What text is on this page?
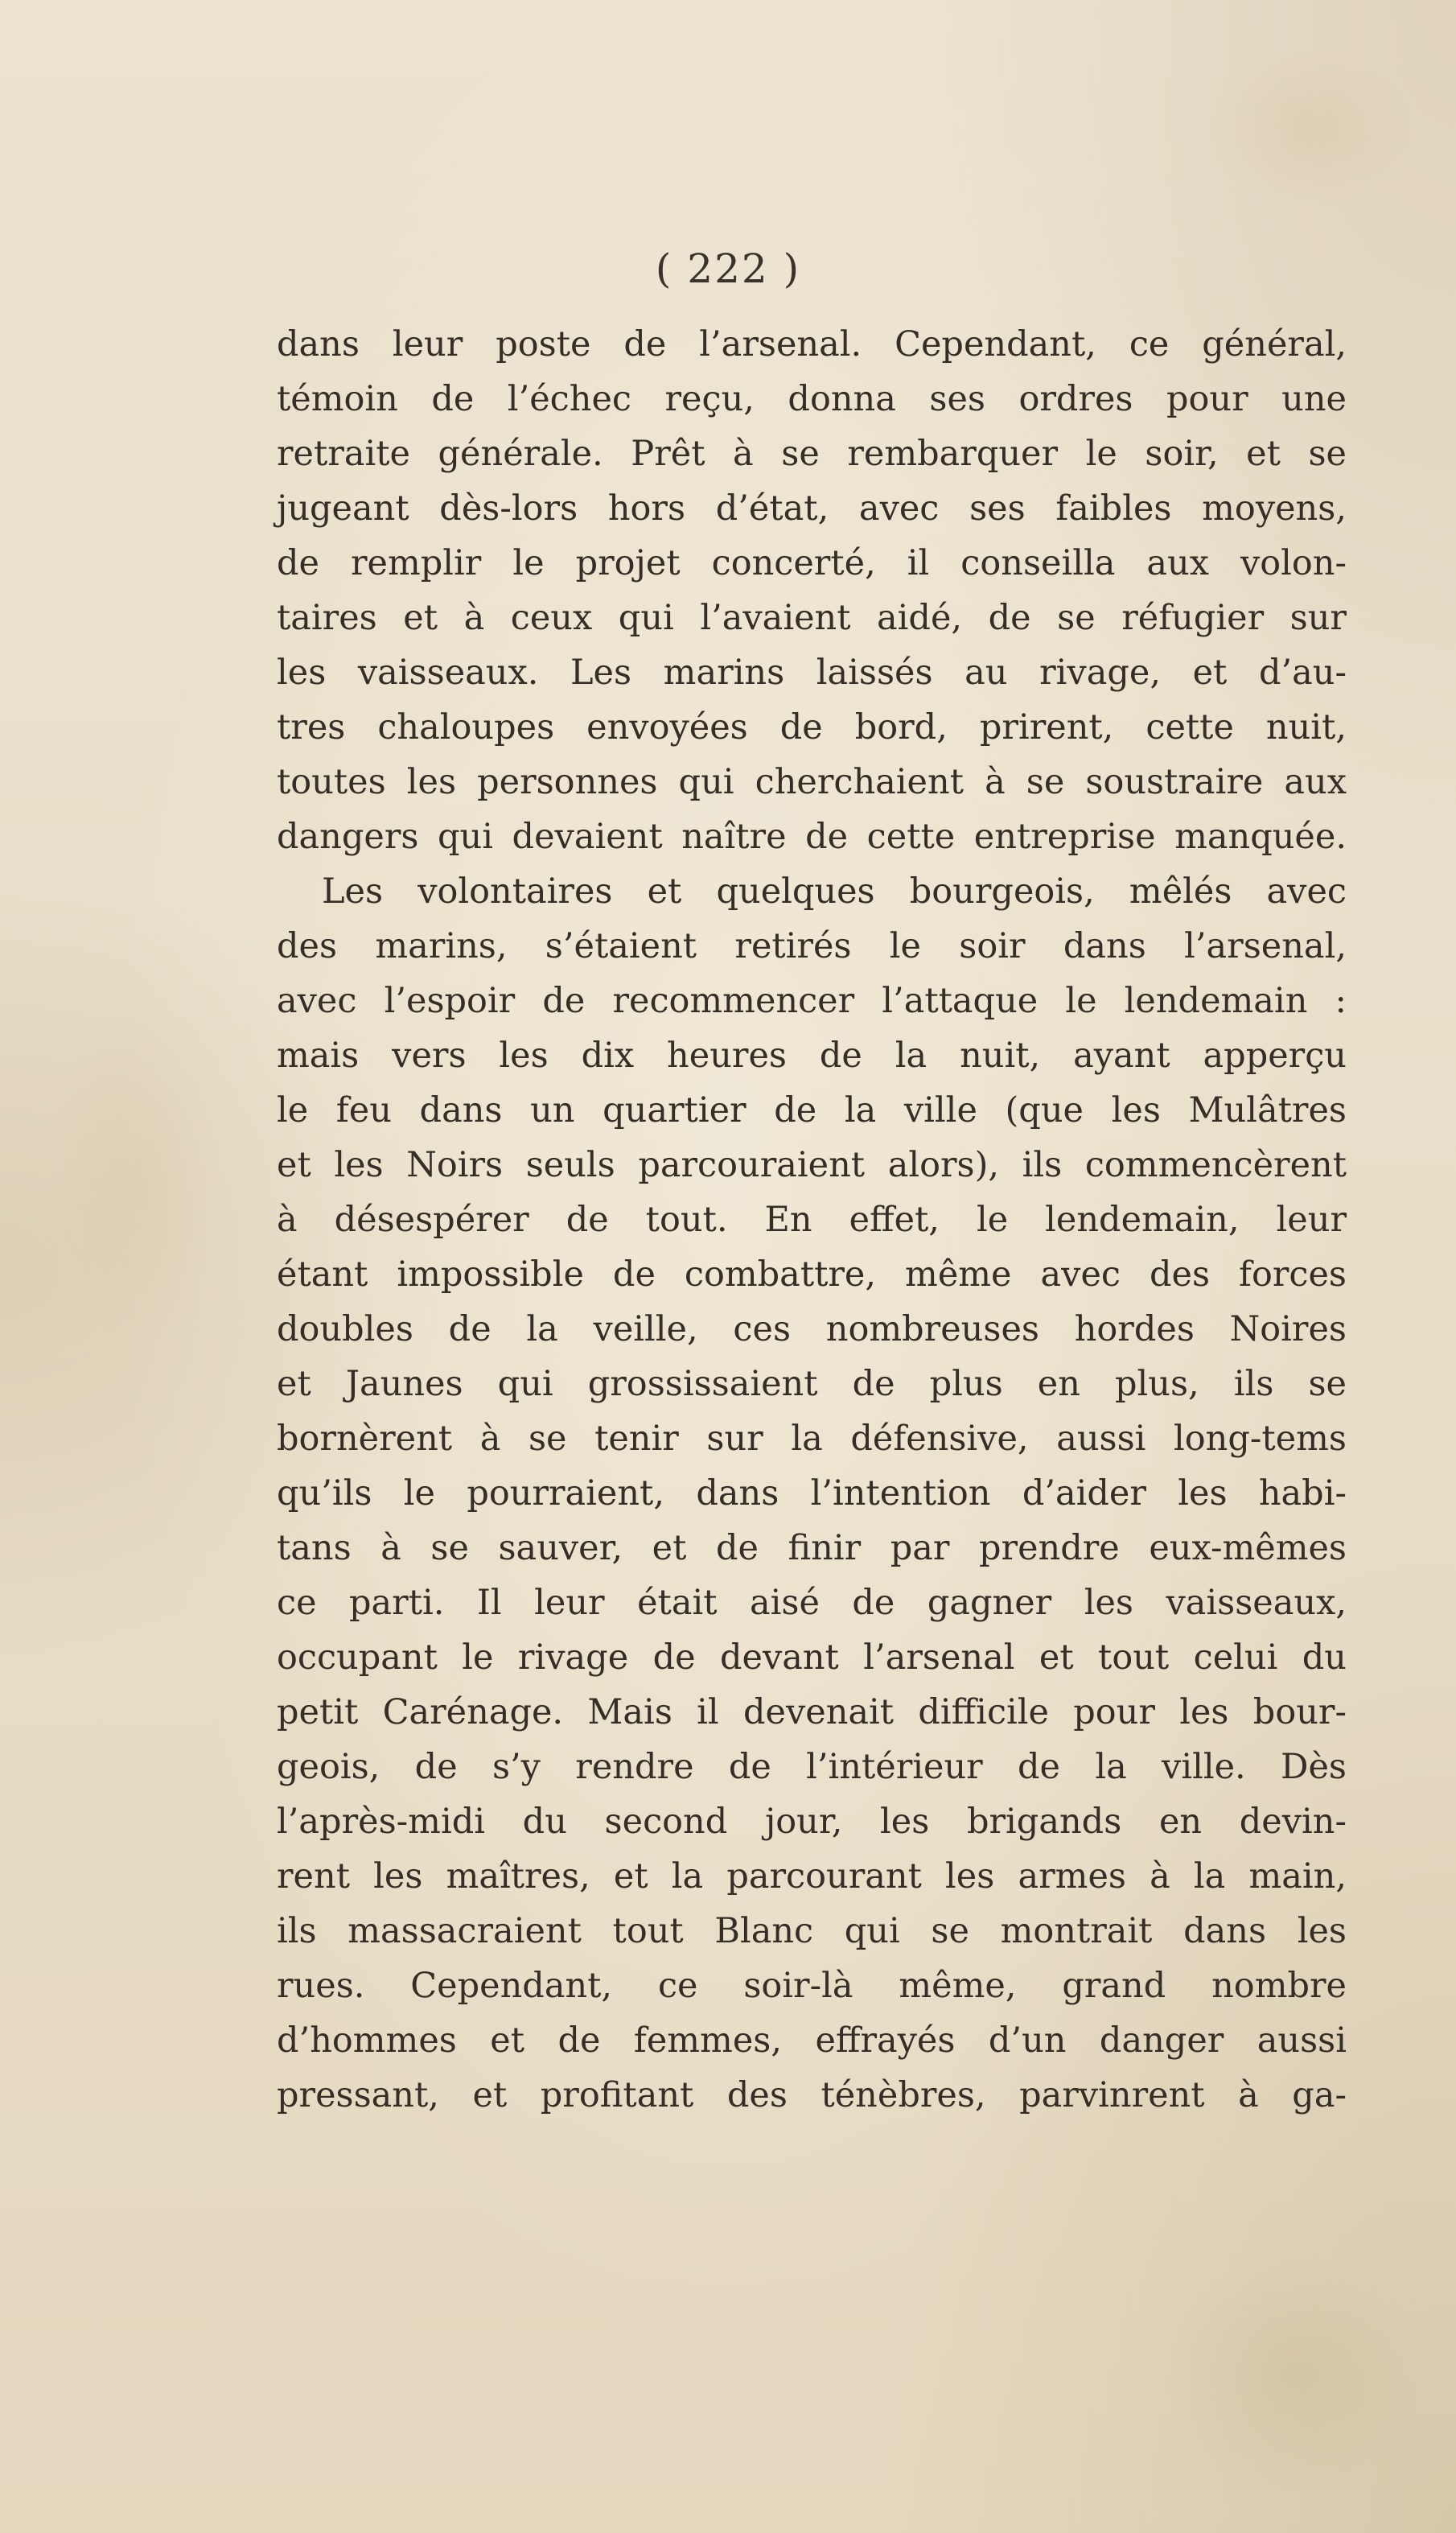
( 222 )
dans leur poste de l’arsenal. Cependant, ce général,
témoin de l’échec reçu, donna ses ordres pour une
retraite générale. Prêt à se rembarquer le soir, et se
jugeant dès-lors hors d’état, avec ses faibles moyens,
de remplir le projet concerté, il conseilla aux volon-
taires et à ceux qui l’avaient aidé, de se réfugier sur
les vaisseaux. Les marins laissés au rivage, et d’au-
tres chaloupes envoyées de bord, prirent, cette nuit,
toutes les personnes qui cherchaient à se soustraire aux
dangers qui devaient naître de cette entreprise manquée.
Les volontaires et quelques bourgeois, mêlés avec
des marins, s’étaient retirés le soir dans l’arsenal,
avec l’espoir de recommencer l’attaque le lendemain :
mais vers les dix heures de la nuit, ayant apperçu
le feu dans un quartier de la ville (que les Mulâtres
et les Noirs seuls parcouraient alors), ils commencèrent
à désespérer de tout. En effet, le lendemain, leur
étant impossible de combattre, même avec des forces
doubles de la veille, ces nombreuses hordes Noires
et Jaunes qui grossissaient de plus en plus, ils se
bornèrent à se tenir sur la défensive, aussi long-tems
qu’ils le pourraient, dans l’intention d’aider les habi-
tans à se sauver, et de finir par prendre eux-mêmes
ce parti. Il leur était aisé de gagner les vaisseaux,
occupant le rivage de devant l’arsenal et tout celui du
petit Carénage. Mais il devenait difficile pour les bour-
geois, de s’y rendre de l’intérieur de la ville. Dès
l’après-midi du second jour, les brigands en devin-
rent les maîtres, et la parcourant les armes à la main,
ils massacraient tout Blanc qui se montrait dans les
rues. Cependant, ce soir-là même, grand nombre
d’hommes et de femmes, effrayés d’un danger aussi
pressant, et profitant des ténèbres, parvinrent à ga-
